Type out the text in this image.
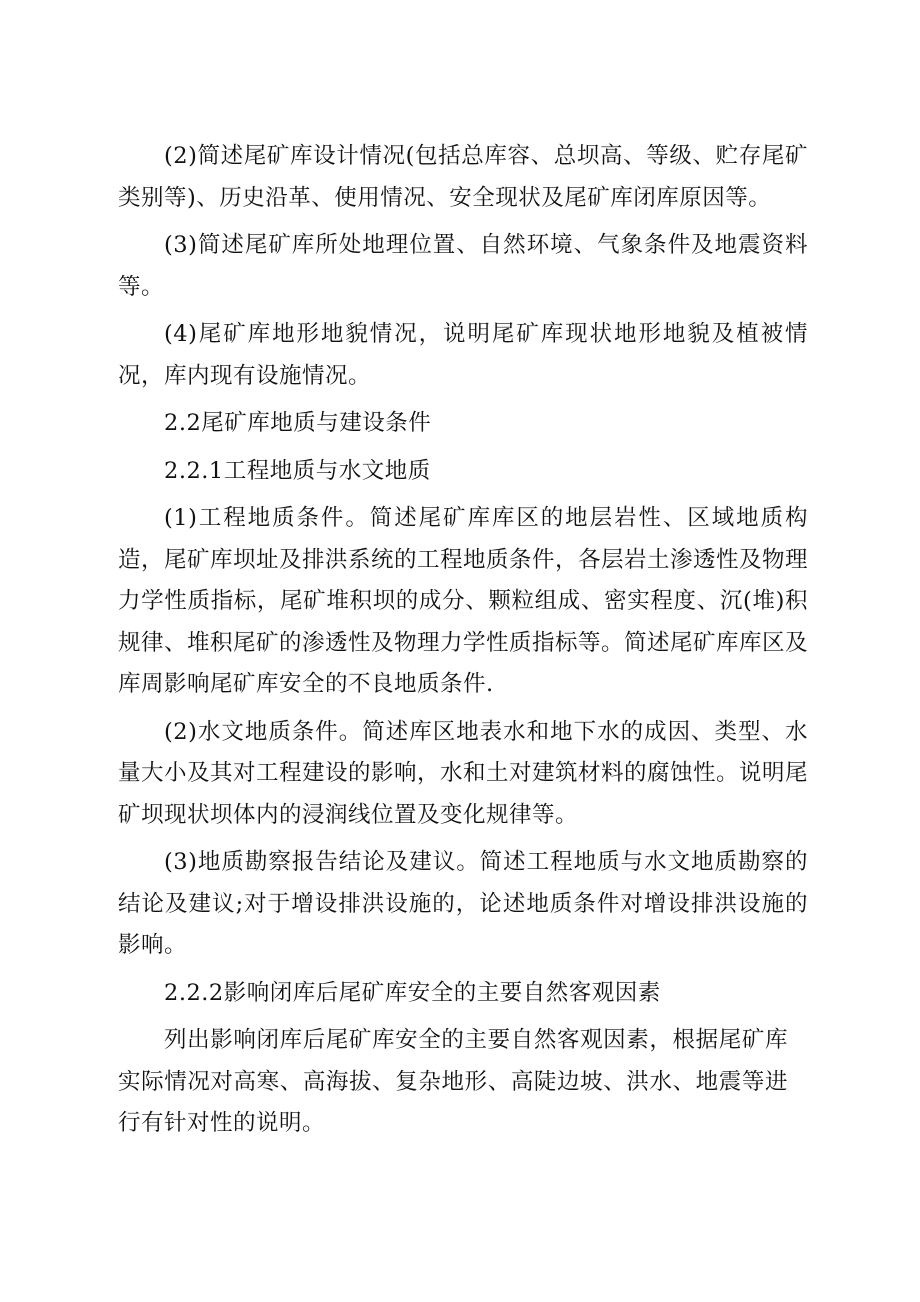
(2)简述尾矿库设计情况(包括总库容、总坝高、等级、贮存尾矿类别等)、历史沿革、使用情况、安全现状及尾矿库闭库原因等。

(3)简述尾矿库所处地理位置、自然环境、气象条件及地震资料等。

(4)尾矿库地形地貌情况，说明尾矿库现状地形地貌及植被情况，库内现有设施情况。

2.2尾矿库地质与建设条件

2.2.1工程地质与水文地质

(1)工程地质条件。简述尾矿库库区的地层岩性、区域地质构造，尾矿库坝址及排洪系统的工程地质条件，各层岩土渗透性及物理力学性质指标，尾矿堆积坝的成分、颗粒组成、密实程度、沉(堆)积规律、堆积尾矿的渗透性及物理力学性质指标等。简述尾矿库库区及库周影响尾矿库安全的不良地质条件.

(2)水文地质条件。简述库区地表水和地下水的成因、类型、水量大小及其对工程建设的影响，水和土对建筑材料的腐蚀性。说明尾矿坝现状坝体内的浸润线位置及变化规律等。

(3)地质勘察报告结论及建议。简述工程地质与水文地质勘察的结论及建议;对于增设排洪设施的，论述地质条件对增设排洪设施的影响。

2.2.2影响闭库后尾矿库安全的主要自然客观因素

列出影响闭库后尾矿库安全的主要自然客观因素，根据尾矿库实际情况对高寒、高海拔、复杂地形、高陡边坡、洪水、地震等进行有针对性的说明。
